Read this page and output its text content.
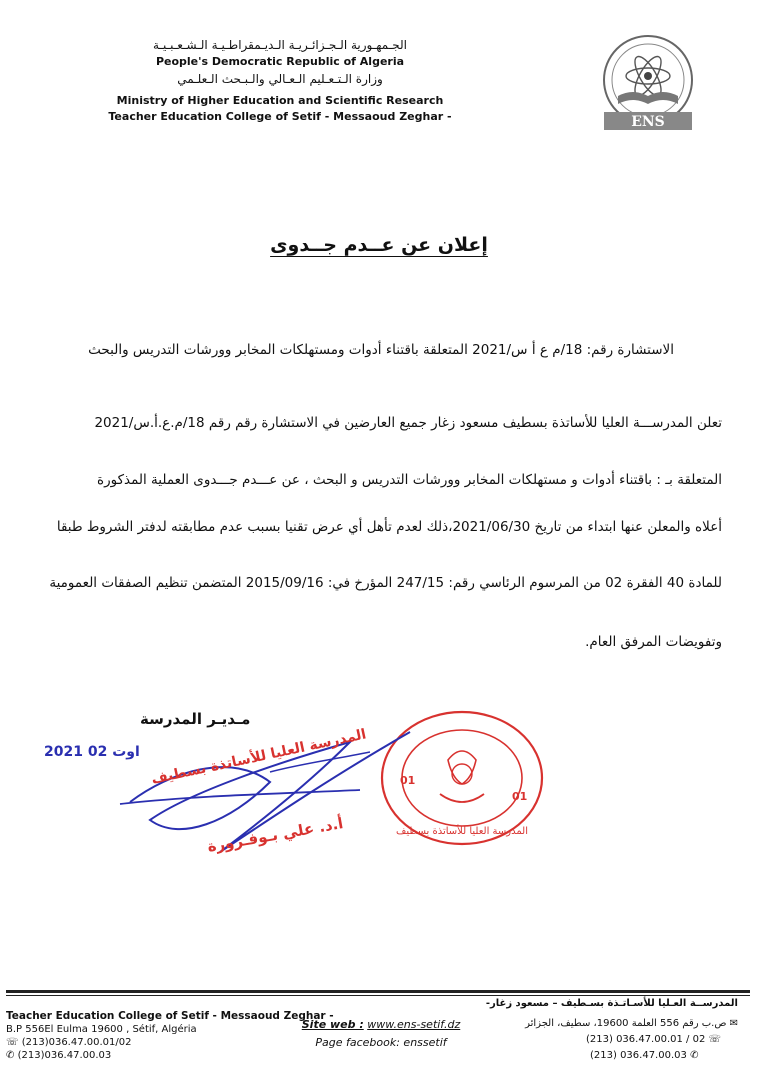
الجـمهـورية الـجـزائـريـة الـديـمقراطـيـة الـشـعـبـيـة
People's Democratic Republic of Algeria
وزارة الـتـعـليم الـعـالي والـبـحث الـعلـمي
Ministry of Higher Education and Scientific Research
Teacher Education College of Setif - Messaoud Zeghar -	ENS
إعلان عن عــدم جــدوى
الاستشارة رقم: 18/م ع أ س/2021 المتعلقة باقتناء أدوات ومستهلكات المخابر وورشات التدريس والبحث
تعلن المدرســـة العليا للأساتذة بسطيف مسعود زغار جميع العارضين في الاستشارة رقم رقم 18/م.ع.أ.س/2021
المتعلقة بـ : باقتناء أدوات و مستهلكات المخابر وورشات التدريس و البحث ، عن عـــدم جـــدوى العملية المذكورة
أعلاه والمعلن عنها ابتداء من تاريخ 2021/06/30،ذلك لعدم تأهل أي عرض تقنيا بسبب عدم مطابقته لدفتر الشروط طبقا
للمادة 40 الفقرة 02 من المرسوم الرئاسي رقم: 247/15 المؤرخ في: 2015/09/16 المتضمن تنظيم الصفقات العمومية
وتفويضات المرفق العام.
مـديـر المدرسة
2021 اوت 02
01
01
المدرسة العليا للأساتذة بسطيف
المدرسة العليا للأساتذة بسطيف
أ.د. علي بـوفـرورة
Teacher Education College of Setif - Messaoud Zeghar -
B.P 556El Eulma 19600 , Sétif, Algéria
☏ (213)036.47.00.01/02
✆ (213)036.47.00.03
Site web : www.ens-setif.dz
Page facebook: enssetif
المدرســة العـليا للأسـاتـذة بسـطيف – مسعود زغار-
✉ ص.ب رقم 556 العلمة 19600، سطيف، الجزائر
(213) 036.47.00.01 / 02 ☏
(213) 036.47.00.03 ✆
